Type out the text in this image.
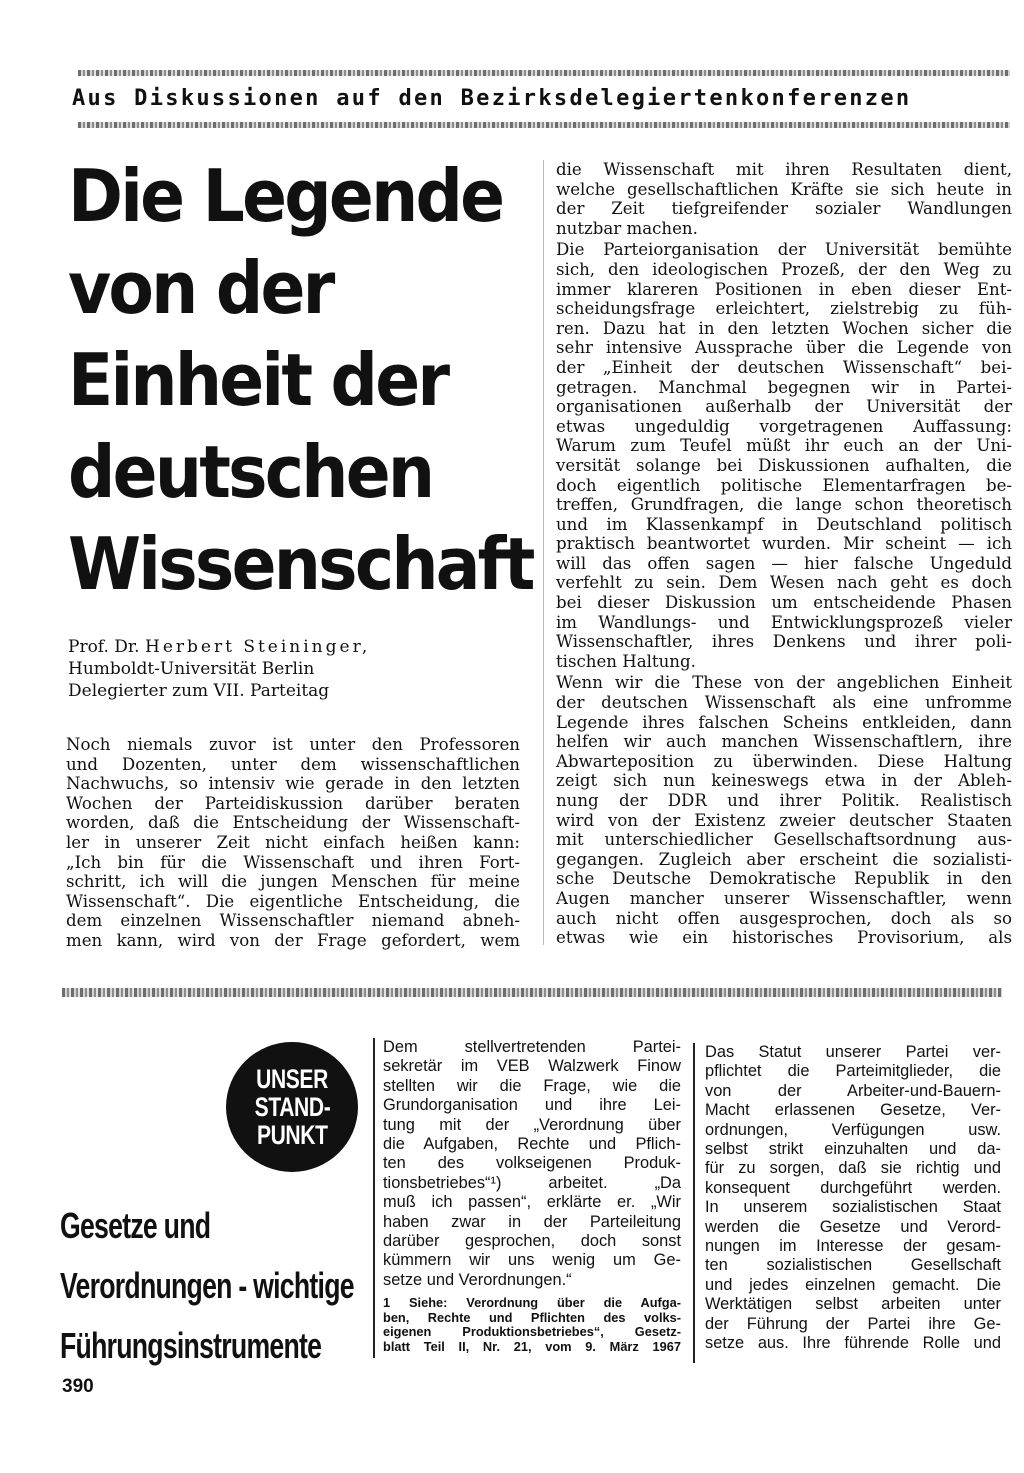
Aus Diskussionen auf den Bezirksdelegiertenkonferenzen
Die Legende
von der
Einheit der
deutschen
Wissenschaft
Prof. Dr. Herbert Steininger,
Humboldt-Universität Berlin
Delegierter zum VII. Parteitag
Noch niemals zuvor ist unter den Professoren
und Dozenten, unter dem wissenschaftlichen
Nachwuchs, so intensiv wie gerade in den letzten
Wochen der Parteidiskussion darüber beraten
worden, daß die Entscheidung der Wissenschaft-
ler in unserer Zeit nicht einfach heißen kann:
„Ich bin für die Wissenschaft und ihren Fort-
schritt, ich will die jungen Menschen für meine
Wissenschaft“. Die eigentliche Entscheidung, die
dem einzelnen Wissenschaftler niemand abneh-
men kann, wird von der Frage gefordert, wem
die Wissenschaft mit ihren Resultaten dient,
welche gesellschaftlichen Kräfte sie sich heute in
der Zeit tiefgreifender sozialer Wandlungen
nutzbar machen.
Die Parteiorganisation der Universität bemühte
sich, den ideologischen Prozeß, der den Weg zu
immer klareren Positionen in eben dieser Ent-
scheidungsfrage erleichtert, zielstrebig zu füh-
ren. Dazu hat in den letzten Wochen sicher die
sehr intensive Aussprache über die Legende von
der „Einheit der deutschen Wissenschaft“ bei-
getragen. Manchmal begegnen wir in Partei-
organisationen außerhalb der Universität der
etwas ungeduldig vorgetragenen Auffassung:
Warum zum Teufel müßt ihr euch an der Uni-
versität solange bei Diskussionen aufhalten, die
doch eigentlich politische Elementarfragen be-
treffen, Grundfragen, die lange schon theoretisch
und im Klassenkampf in Deutschland politisch
praktisch beantwortet wurden. Mir scheint — ich
will das offen sagen — hier falsche Ungeduld
verfehlt zu sein. Dem Wesen nach geht es doch
bei dieser Diskussion um entscheidende Phasen
im Wandlungs- und Entwicklungsprozeß vieler
Wissenschaftler, ihres Denkens und ihrer poli-
tischen Haltung.
Wenn wir die These von der angeblichen Einheit
der deutschen Wissenschaft als eine unfromme
Legende ihres falschen Scheins entkleiden, dann
helfen wir auch manchen Wissenschaftlern, ihre
Abwarteposition zu überwinden. Diese Haltung
zeigt sich nun keineswegs etwa in der Ableh-
nung der DDR und ihrer Politik. Realistisch
wird von der Existenz zweier deutscher Staaten
mit unterschiedlicher Gesellschaftsordnung aus-
gegangen. Zugleich aber erscheint die sozialisti-
sche Deutsche Demokratische Republik in den
Augen mancher unserer Wissenschaftler, wenn
auch nicht offen ausgesprochen, doch als so
etwas wie ein historisches Provisorium, als
UNSER
STAND-
PUNKT
Gesetze und
Verordnungen - wichtige
Führungsinstrumente
Dem stellvertretenden Partei-
sekretär im VEB Walzwerk Finow
stellten wir die Frage, wie die
Grundorganisation und ihre Lei-
tung mit der „Verordnung über
die Aufgaben, Rechte und Pflich-
ten des volkseigenen Produk-
tionsbetriebes“¹) arbeitet. „Da
muß ich passen“, erklärte er. „Wir
haben zwar in der Parteileitung
darüber gesprochen, doch sonst
kümmern wir uns wenig um Ge-
setze und Verordnungen.“
1 Siehe: Verordnung über die Aufga-
ben, Rechte und Pflichten des volks-
eigenen Produktionsbetriebes“, Gesetz-
blatt Teil II, Nr. 21, vom 9. März 1967
Das Statut unserer Partei ver-
pflichtet die Parteimitglieder, die
von der Arbeiter-und-Bauern-
Macht erlassenen Gesetze, Ver-
ordnungen, Verfügungen usw.
selbst strikt einzuhalten und da-
für zu sorgen, daß sie richtig und
konsequent durchgeführt werden.
In unserem sozialistischen Staat
werden die Gesetze und Verord-
nungen im Interesse der gesam-
ten sozialistischen Gesellschaft
und jedes einzelnen gemacht. Die
Werktätigen selbst arbeiten unter
der Führung der Partei ihre Ge-
setze aus. Ihre führende Rolle und
390
